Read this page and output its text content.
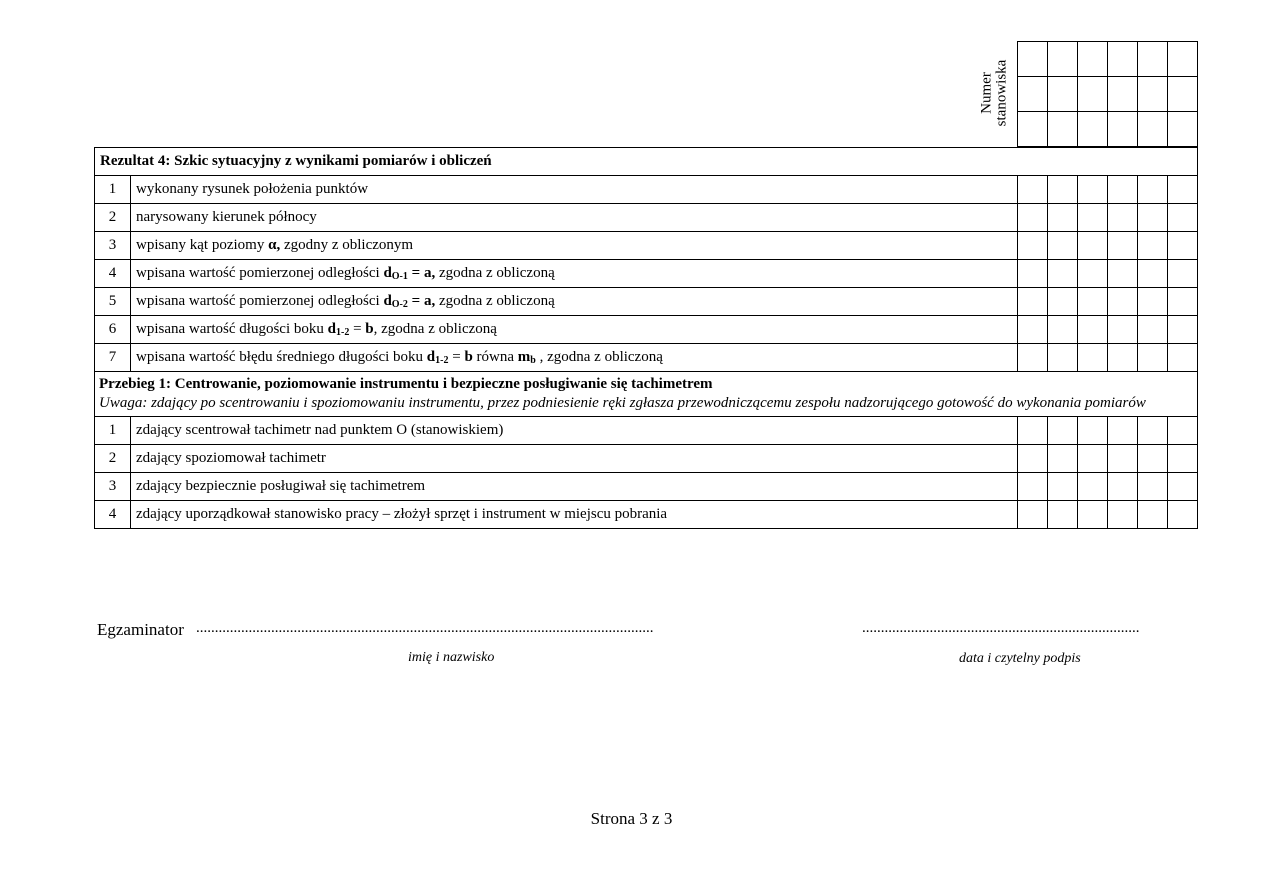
Numer stanowiska

Rezultat 4: Szkic sytuacyjny z wynikami pomiarów i obliczeń							
1	wykonany rysunek położenia punktów						
2	narysowany kierunek północy						
3	wpisany kąt poziomy α, zgodny z obliczonym						
4	wpisana wartość pomierzonej odległości $d_{O-1} = a$, zgodna z obliczoną						
5	wpisana wartość pomierzonej odległości $d_{O-2} = a$, zgodna z obliczoną						
6	wpisana wartość długości boku $d_{1-2} = b$, zgodna z obliczoną						
7	wpisana wartość błędu średniego długości boku $d_{1-2} = b$ równa $m_b$ , zgodna z obliczoną						

Przebieg 1: Centrowanie, poziomowanie instrumentu i bezpieczne posługiwanie się tachimetrem
Uwaga: zdający po scentrowaniu i spoziomowaniu instrumentu, przez podniesienie ręki zgłasza przewodniczącemu zespołu nadzorującego gotowość do wykonania pomiarów							

1	zdający scentrował tachimetr nad punktem O (stanowiskiem)						
2	zdający spoziomował tachimetr						
3	zdający bezpiecznie posługiwał się tachimetrem						
4	zdający uporządkował stanowisko pracy – złożył sprzęt i instrument w miejscu pobrania						
Egzaminator ..........................................................................................................................	..........................................................................
imię i nazwisko	data i czytelny podpis
Strona 3 z 3
